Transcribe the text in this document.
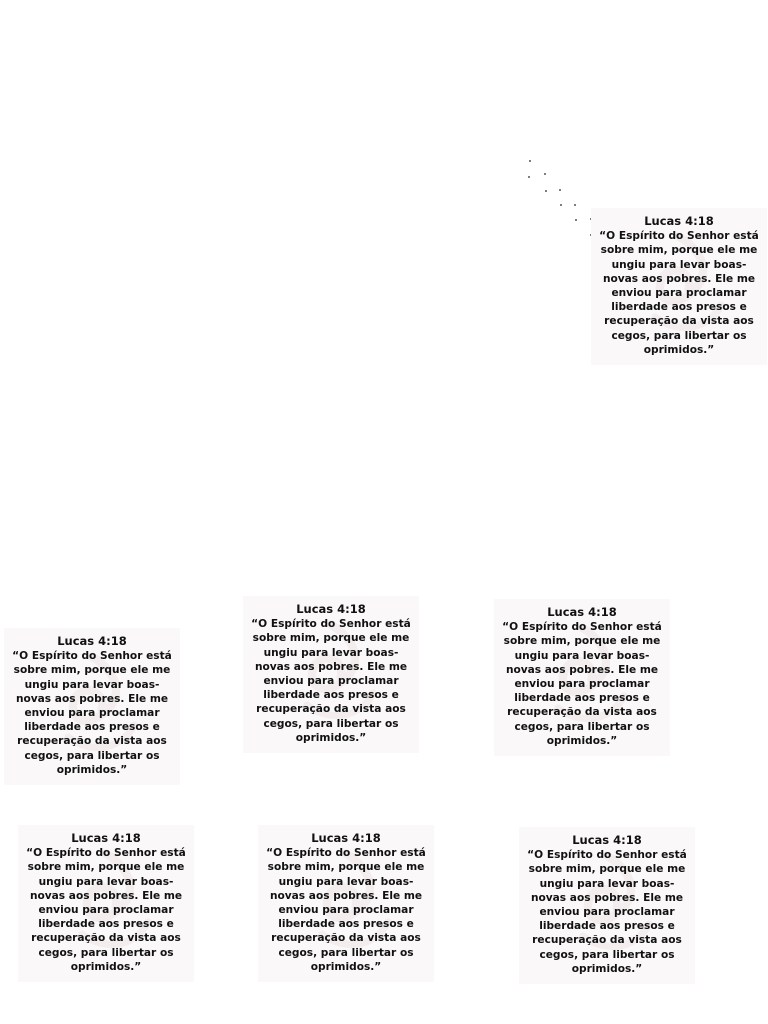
Lucas 4:18
“O Espírito do Senhor está sobre mim, porque ele me ungiu para levar boas-novas aos pobres. Ele me enviou para proclamar liberdade aos presos e recuperação da vista aos cegos, para libertar os oprimidos.”
Lucas 4:18
“O Espírito do Senhor está sobre mim, porque ele me ungiu para levar boas-novas aos pobres. Ele me enviou para proclamar liberdade aos presos e recuperação da vista aos cegos, para libertar os oprimidos.”
Lucas 4:18
“O Espírito do Senhor está sobre mim, porque ele me ungiu para levar boas-novas aos pobres. Ele me enviou para proclamar liberdade aos presos e recuperação da vista aos cegos, para libertar os oprimidos.”
Lucas 4:18
“O Espírito do Senhor está sobre mim, porque ele me ungiu para levar boas-novas aos pobres. Ele me enviou para proclamar liberdade aos presos e recuperação da vista aos cegos, para libertar os oprimidos.”
Lucas 4:18
“O Espírito do Senhor está sobre mim, porque ele me ungiu para levar boas-novas aos pobres. Ele me enviou para proclamar liberdade aos presos e recuperação da vista aos cegos, para libertar os oprimidos.”
Lucas 4:18
“O Espírito do Senhor está sobre mim, porque ele me ungiu para levar boas-novas aos pobres. Ele me enviou para proclamar liberdade aos presos e recuperação da vista aos cegos, para libertar os oprimidos.”
Lucas 4:18
“O Espírito do Senhor está sobre mim, porque ele me ungiu para levar boas-novas aos pobres. Ele me enviou para proclamar liberdade aos presos e recuperação da vista aos cegos, para libertar os oprimidos.”
